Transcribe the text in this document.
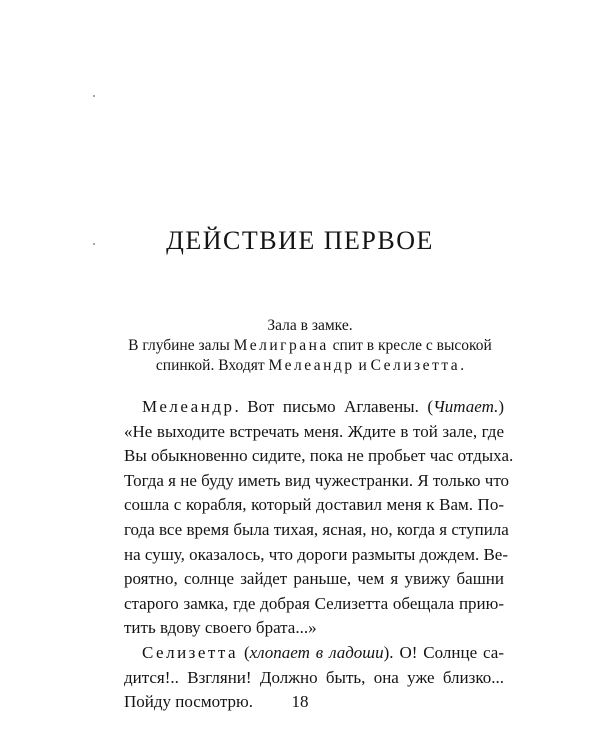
ДЕЙСТВИЕ ПЕРВОЕ
Зала в замке.
В глубине залы Мелиграна спит в кресле с высокой
спинкой. Входят Мелеандр и Селизетта.
Мелеандр. Вот письмо Аглавены. (Читает.)
«Не выходите встречать меня. Ждите в той зале, где
Вы обыкновенно сидите, пока не пробьет час отдыха.
Тогда я не буду иметь вид чужестранки. Я только что
сошла с корабля, который доставил меня к Вам. По-
года все время была тихая, ясная, но, когда я ступила
на сушу, оказалось, что дороги размыты дождем. Ве-
роятно, солнце зайдет раньше, чем я увижу башни
старого замка, где добрая Селизетта обещала прию-
тить вдову своего брата...»
Селизетта (хлопает в ладоши). О! Солнце са-
дится!.. Взгляни! Должно быть, она уже близко...
Пойду посмотрю.	18
